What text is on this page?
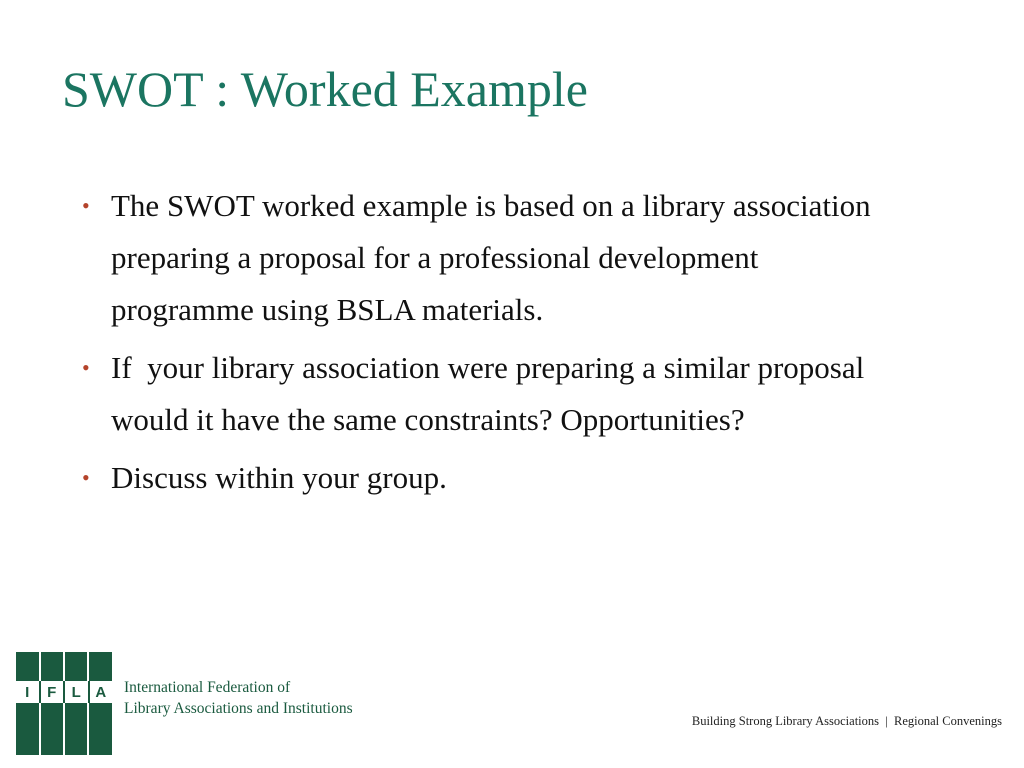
SWOT : Worked Example
• The SWOT worked example is based on a library association preparing a proposal for a professional development programme using BSLA materials.
• If  your library association were preparing a similar proposal would it have the same constraints? Opportunities?
• Discuss within your group.
I	F	L A	International Federation of
Library Associations and Institutions
Building Strong Library Associations  |  Regional Convenings
